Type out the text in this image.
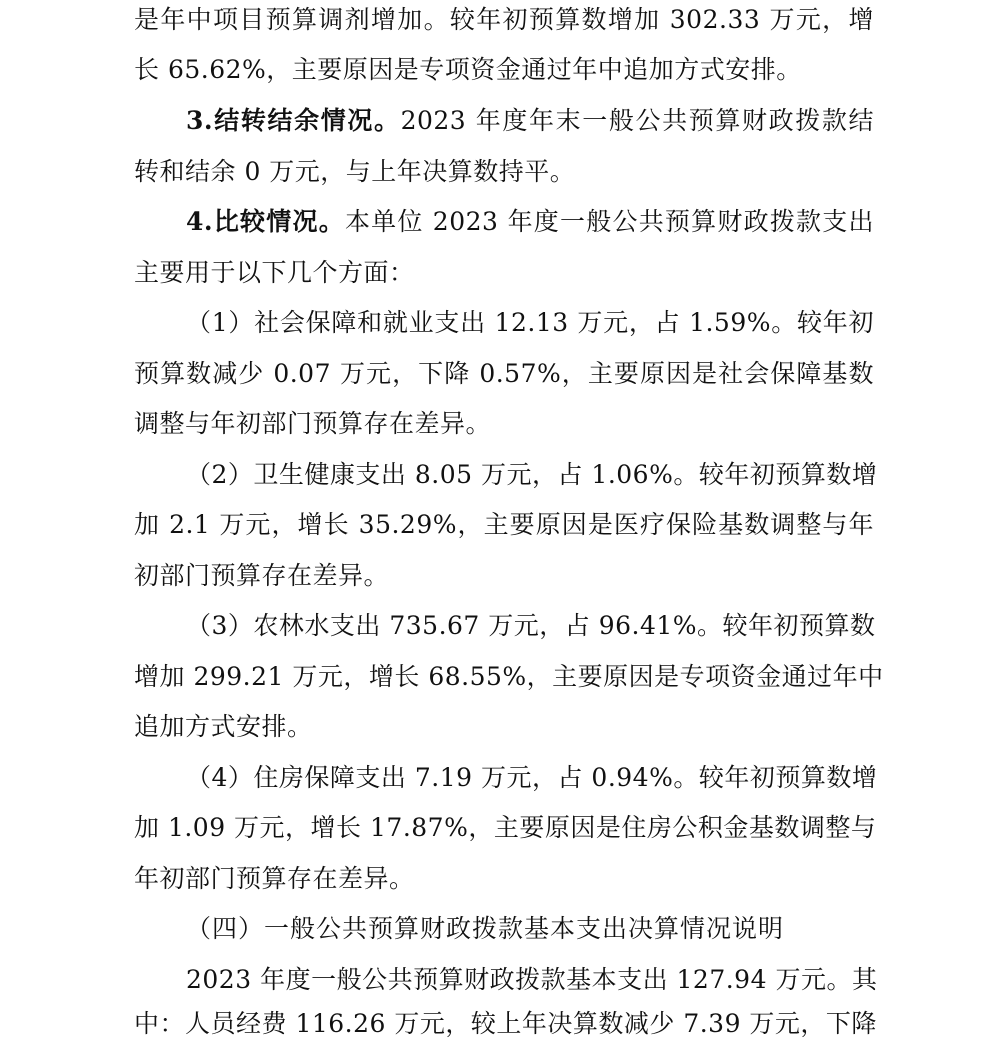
是年中项目预算调剂增加。较年初预算数增加 302.33 万元，增
长 65.62%，主要原因是专项资金通过年中追加方式安排。
3.结转结余情况。2023 年度年末一般公共预算财政拨款结
转和结余 0 万元，与上年决算数持平。
4.比较情况。本单位 2023 年度一般公共预算财政拨款支出
主要用于以下几个方面：
（1）社会保障和就业支出 12.13 万元，占 1.59%。较年初
预算数减少 0.07 万元，下降 0.57%，主要原因是社会保障基数
调整与年初部门预算存在差异。
（2）卫生健康支出 8.05 万元，占 1.06%。较年初预算数增
加 2.1 万元，增长 35.29%，主要原因是医疗保险基数调整与年
初部门预算存在差异。
（3）农林水支出 735.67 万元，占 96.41%。较年初预算数
增加 299.21 万元，增长 68.55%，主要原因是专项资金通过年中
追加方式安排。
（4）住房保障支出 7.19 万元，占 0.94%。较年初预算数增
加 1.09 万元，增长 17.87%，主要原因是住房公积金基数调整与
年初部门预算存在差异。
（四）一般公共预算财政拨款基本支出决算情况说明
2023 年度一般公共预算财政拨款基本支出 127.94 万元。其
中：人员经费 116.26 万元，较上年决算数减少 7.39 万元，下降
